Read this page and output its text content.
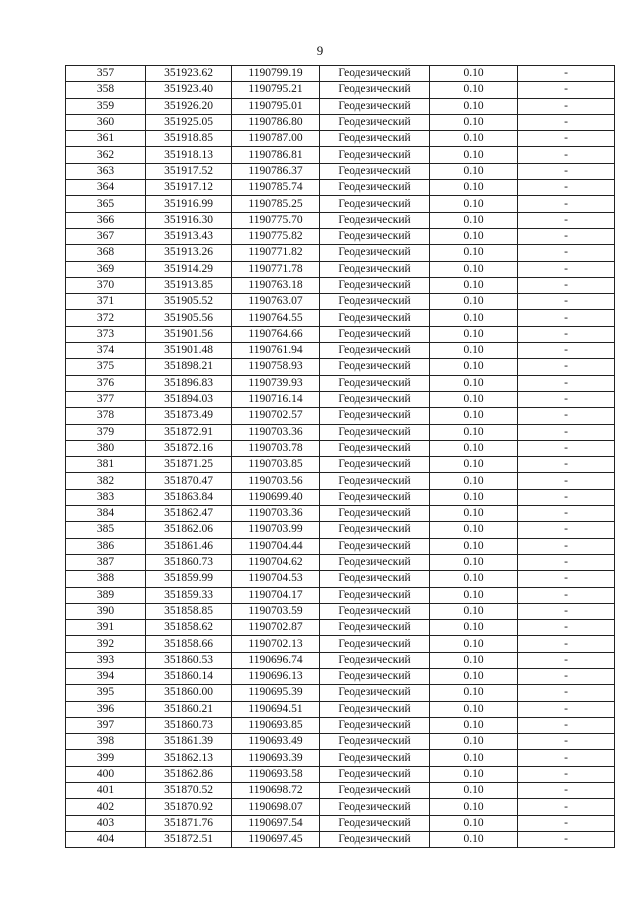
9
357	351923.62	1190799.19	Геодезический	0.10	-
358	351923.40	1190795.21	Геодезический	0.10	-
359	351926.20	1190795.01	Геодезический	0.10	-
360	351925.05	1190786.80	Геодезический	0.10	-
361	351918.85	1190787.00	Геодезический	0.10	-
362	351918.13	1190786.81	Геодезический	0.10	-
363	351917.52	1190786.37	Геодезический	0.10	-
364	351917.12	1190785.74	Геодезический	0.10	-
365	351916.99	1190785.25	Геодезический	0.10	-
366	351916.30	1190775.70	Геодезический	0.10	-
367	351913.43	1190775.82	Геодезический	0.10	-
368	351913.26	1190771.82	Геодезический	0.10	-
369	351914.29	1190771.78	Геодезический	0.10	-
370	351913.85	1190763.18	Геодезический	0.10	-
371	351905.52	1190763.07	Геодезический	0.10	-
372	351905.56	1190764.55	Геодезический	0.10	-
373	351901.56	1190764.66	Геодезический	0.10	-
374	351901.48	1190761.94	Геодезический	0.10	-
375	351898.21	1190758.93	Геодезический	0.10	-
376	351896.83	1190739.93	Геодезический	0.10	-
377	351894.03	1190716.14	Геодезический	0.10	-
378	351873.49	1190702.57	Геодезический	0.10	-
379	351872.91	1190703.36	Геодезический	0.10	-
380	351872.16	1190703.78	Геодезический	0.10	-
381	351871.25	1190703.85	Геодезический	0.10	-
382	351870.47	1190703.56	Геодезический	0.10	-
383	351863.84	1190699.40	Геодезический	0.10	-
384	351862.47	1190703.36	Геодезический	0.10	-
385	351862.06	1190703.99	Геодезический	0.10	-
386	351861.46	1190704.44	Геодезический	0.10	-
387	351860.73	1190704.62	Геодезический	0.10	-
388	351859.99	1190704.53	Геодезический	0.10	-
389	351859.33	1190704.17	Геодезический	0.10	-
390	351858.85	1190703.59	Геодезический	0.10	-
391	351858.62	1190702.87	Геодезический	0.10	-
392	351858.66	1190702.13	Геодезический	0.10	-
393	351860.53	1190696.74	Геодезический	0.10	-
394	351860.14	1190696.13	Геодезический	0.10	-
395	351860.00	1190695.39	Геодезический	0.10	-
396	351860.21	1190694.51	Геодезический	0.10	-
397	351860.73	1190693.85	Геодезический	0.10	-
398	351861.39	1190693.49	Геодезический	0.10	-
399	351862.13	1190693.39	Геодезический	0.10	-
400	351862.86	1190693.58	Геодезический	0.10	-
401	351870.52	1190698.72	Геодезический	0.10	-
402	351870.92	1190698.07	Геодезический	0.10	-
403	351871.76	1190697.54	Геодезический	0.10	-
404	351872.51	1190697.45	Геодезический	0.10	-
